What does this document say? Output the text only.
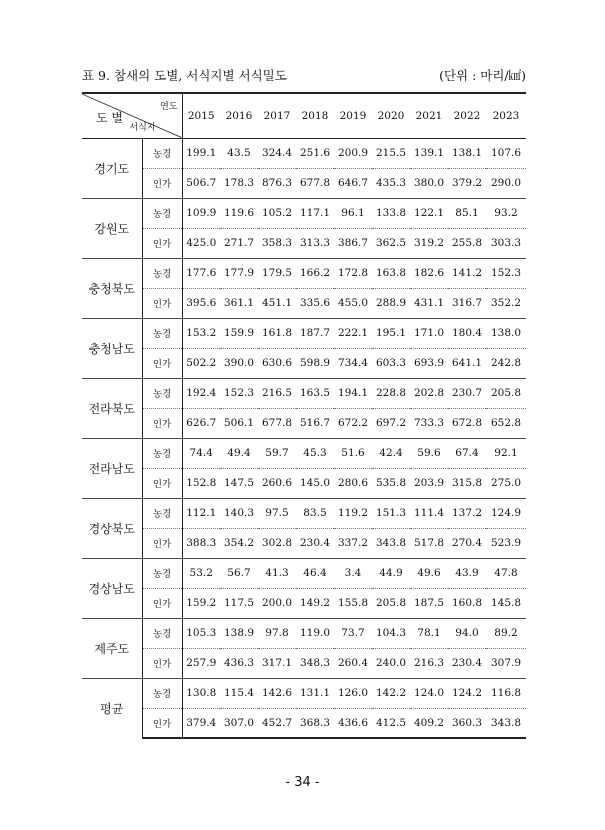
표 9. 참새의 도별, 서식지별 서식밀도	(단위 : 마리/㎢)
도 별
연도
서식지		2015	2016	2017	2018	2019	2020	2021	2022	2023
경기도	농경	199.1	43.5	324.4	251.6	200.9	215.5	139.1	138.1	107.6
	인가	506.7	178.3	876.3	677.8	646.7	435.3	380.0	379.2	290.0
강원도	농경	109.9	119.6	105.2	117.1	96.1	133.8	122.1	85.1	93.2
	인가	425.0	271.7	358.3	313.3	386.7	362.5	319.2	255.8	303.3
충청북도	농경	177.6	177.9	179.5	166.2	172.8	163.8	182.6	141.2	152.3
	인가	395.6	361.1	451.1	335.6	455.0	288.9	431.1	316.7	352.2
충청남도	농경	153.2	159.9	161.8	187.7	222.1	195.1	171.0	180.4	138.0
	인가	502.2	390.0	630.6	598.9	734.4	603.3	693.9	641.1	242.8
전라북도	농경	192.4	152.3	216.5	163.5	194.1	228.8	202.8	230.7	205.8
	인가	626.7	506.1	677.8	516.7	672.2	697.2	733.3	672.8	652.8
전라남도	농경	74.4	49.4	59.7	45.3	51.6	42.4	59.6	67.4	92.1
	인가	152.8	147.5	260.6	145.0	280.6	535.8	203.9	315.8	275.0
경상북도	농경	112.1	140.3	97.5	83.5	119.2	151.3	111.4	137.2	124.9
	인가	388.3	354.2	302.8	230.4	337.2	343.8	517.8	270.4	523.9
경상남도	농경	53.2	56.7	41.3	46.4	3.4	44.9	49.6	43.9	47.8
	인가	159.2	117.5	200.0	149.2	155.8	205.8	187.5	160.8	145.8
제주도	농경	105.3	138.9	97.8	119.0	73.7	104.3	78.1	94.0	89.2
	인가	257.9	436.3	317.1	348.3	260.4	240.0	216.3	230.4	307.9
평균	농경	130.8	115.4	142.6	131.1	126.0	142.2	124.0	124.2	116.8
	인가	379.4	307.0	452.7	368.3	436.6	412.5	409.2	360.3	343.8
- 34 -
